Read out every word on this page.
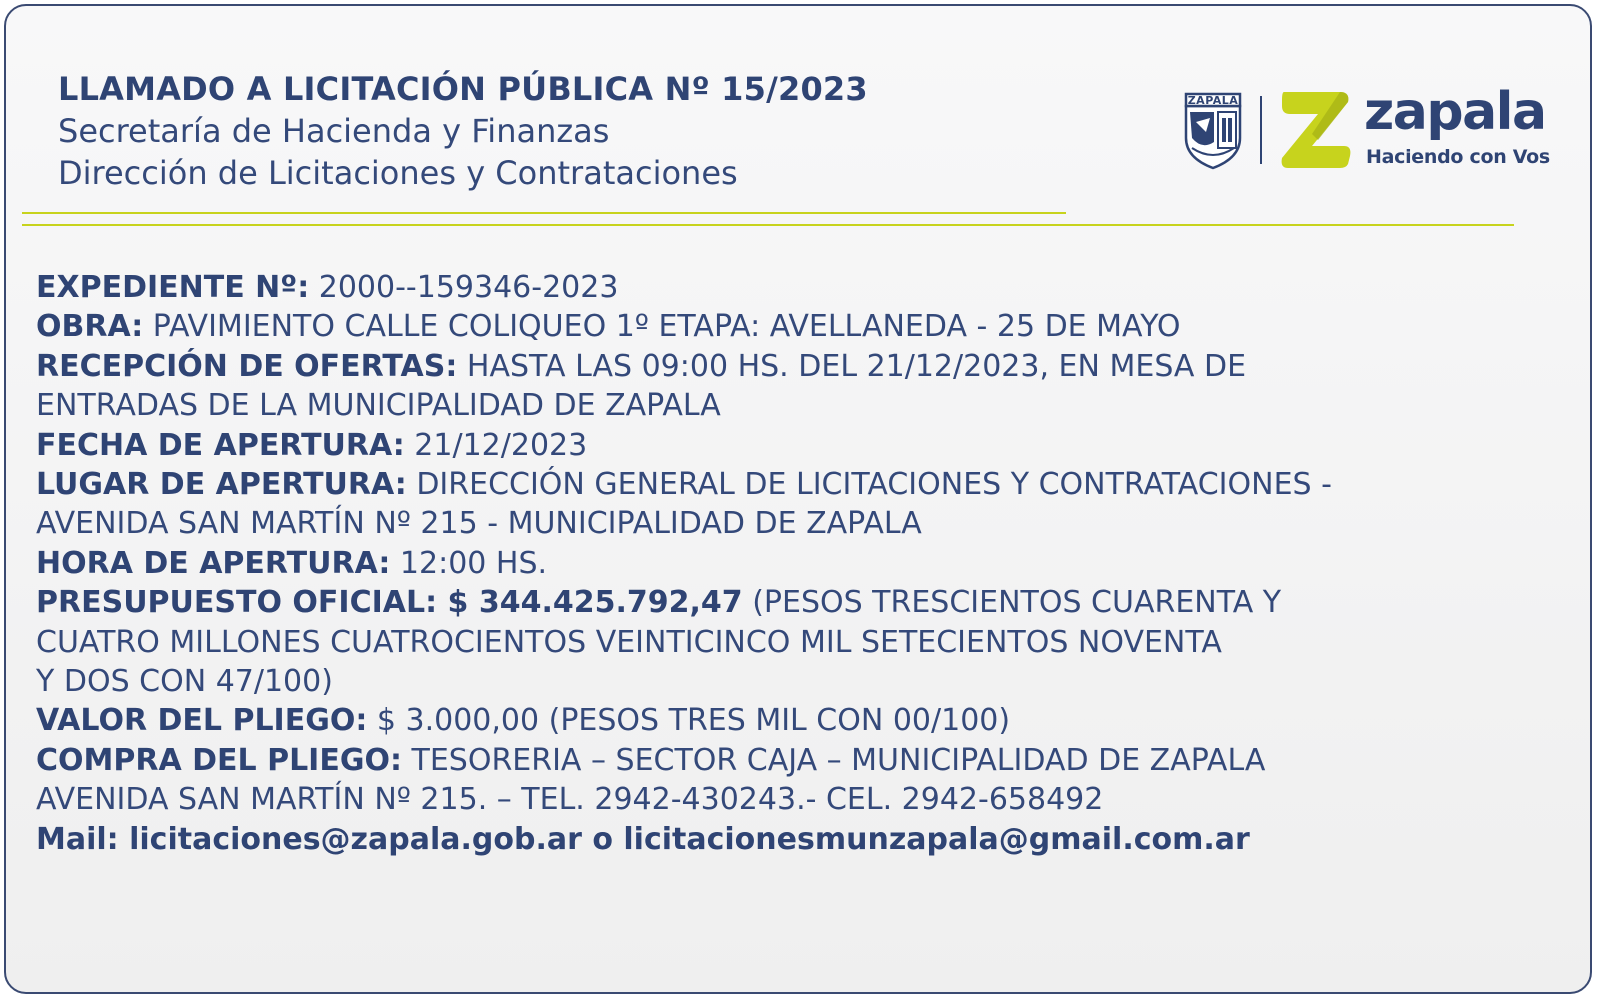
LLAMADO A LICITACIÓN PÚBLICA Nº 15/2023
Secretaría de Hacienda y Finanzas
Dirección de Licitaciones y Contrataciones
ZAPALA zapala
Haciendo con Vos
EXPEDIENTE Nº: 2000--159346-2023
OBRA: PAVIMIENTO CALLE COLIQUEO 1º ETAPA: AVELLANEDA - 25 DE MAYO
RECEPCIÓN DE OFERTAS: HASTA LAS 09:00 HS. DEL 21/12/2023, EN MESA DE
ENTRADAS DE LA MUNICIPALIDAD DE ZAPALA
FECHA DE APERTURA: 21/12/2023
LUGAR DE APERTURA: DIRECCIÓN GENERAL DE LICITACIONES Y CONTRATACIONES -
AVENIDA SAN MARTÍN Nº 215 - MUNICIPALIDAD DE ZAPALA
HORA DE APERTURA: 12:00 HS.
PRESUPUESTO OFICIAL: $ 344.425.792,47 (PESOS TRESCIENTOS CUARENTA Y
CUATRO MILLONES CUATROCIENTOS VEINTICINCO MIL SETECIENTOS NOVENTA
Y DOS CON 47/100)
VALOR DEL PLIEGO: $ 3.000,00 (PESOS TRES MIL CON 00/100)
COMPRA DEL PLIEGO: TESORERIA – SECTOR CAJA – MUNICIPALIDAD DE ZAPALA
AVENIDA SAN MARTÍN Nº 215. – TEL. 2942-430243.- CEL. 2942-658492
Mail: licitaciones@zapala.gob.ar o licitacionesmunzapala@gmail.com.ar
